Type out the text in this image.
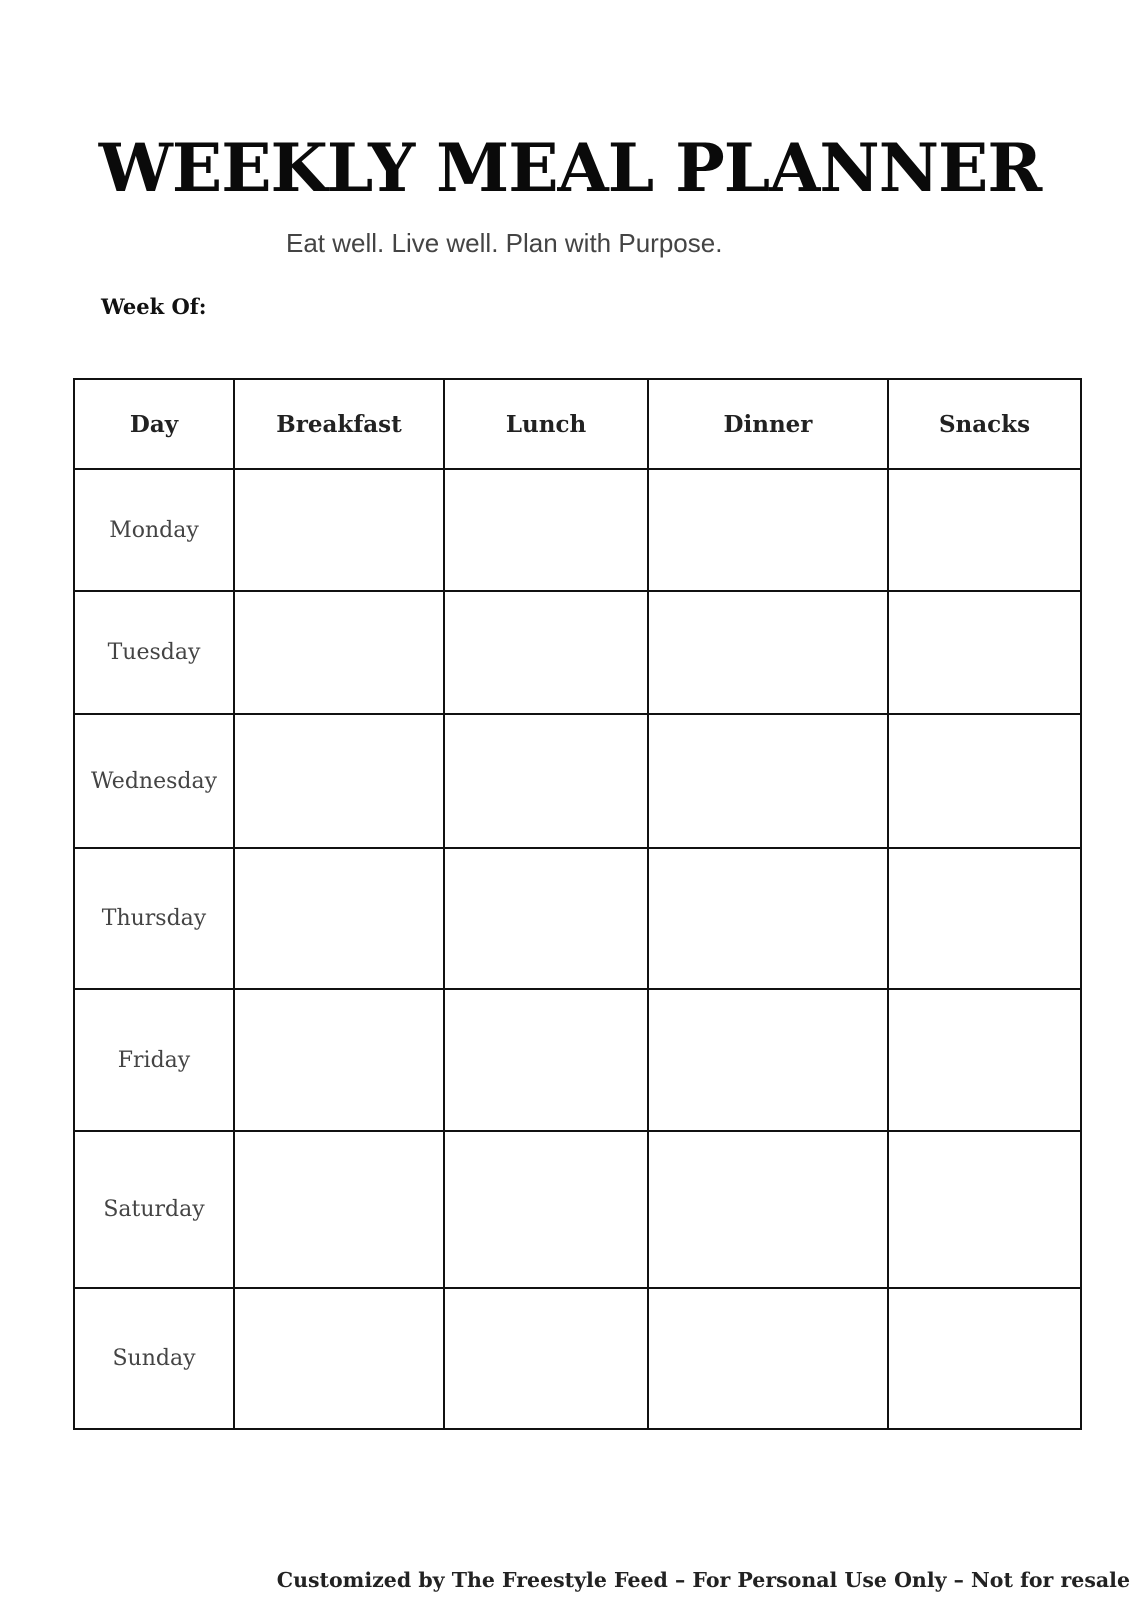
WEEKLY MEAL PLANNER
Eat well. Live well. Plan with Purpose.
Week Of:
Day	Breakfast	Lunch	Dinner	Snacks
Monday				
Tuesday				
Wednesday				
Thursday				
Friday				
Saturday				
Sunday				
Customized by The Freestyle Feed – For Personal Use Only – Not for resale
